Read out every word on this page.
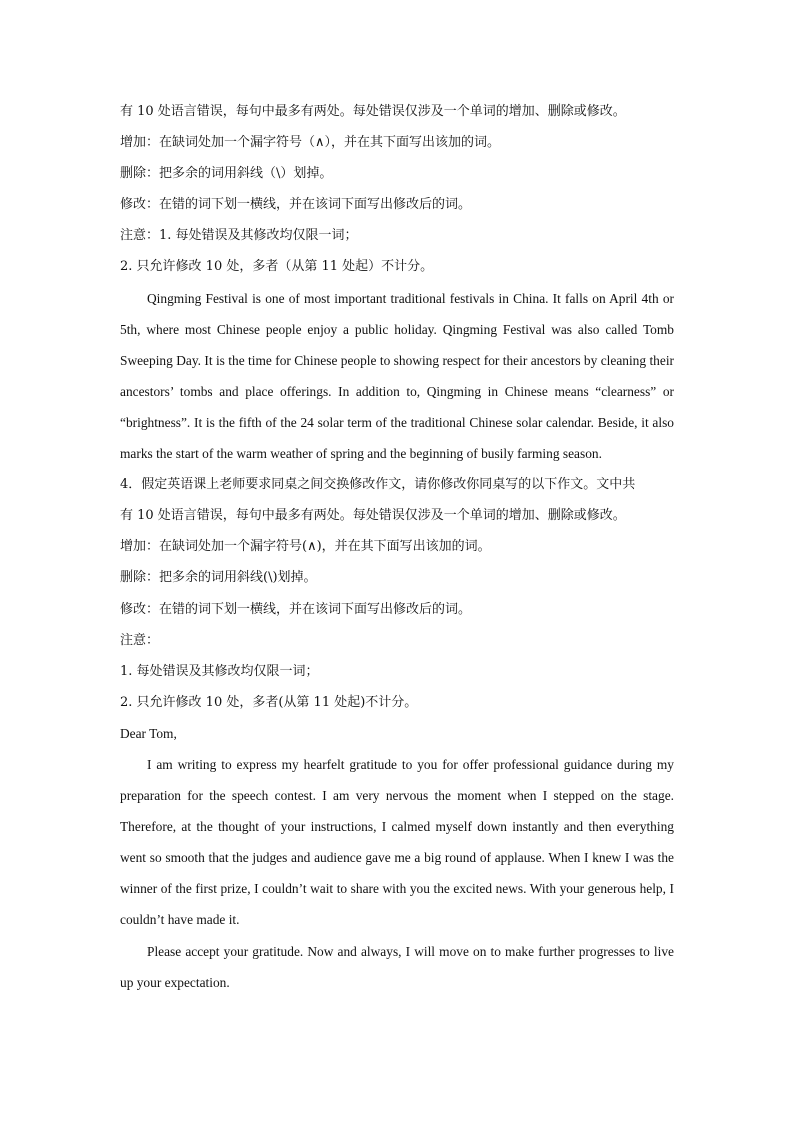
有 10 处语言错误，每句中最多有两处。每处错误仅涉及一个单词的增加、删除或修改。
增加：在缺词处加一个漏字符号（∧），并在其下面写出该加的词。
删除：把多余的词用斜线（\）划掉。
修改：在错的词下划一横线，并在该词下面写出修改后的词。
注意：1. 每处错误及其修改均仅限一词；
2. 只允许修改 10 处，多者（从第 11 处起）不计分。
Qingming Festival is one of most important traditional festivals in China. It falls on April 4th or 5th, where most Chinese people enjoy a public holiday. Qingming Festival was also called Tomb Sweeping Day. It is the time for Chinese people to showing respect for their ancestors by cleaning their ancestors’ tombs and place offerings. In addition to, Qingming in Chinese means “clearness” or “brightness”. It is the fifth of the 24 solar term of the traditional Chinese solar calendar. Beside, it also marks the start of the warm weather of spring and the beginning of busily farming season.
4．假定英语课上老师要求同桌之间交换修改作文，请你修改你同桌写的以下作文。文中共
有 10 处语言错误，每句中最多有两处。每处错误仅涉及一个单词的增加、删除或修改。
增加：在缺词处加一个漏字符号(∧)，并在其下面写出该加的词。
删除：把多余的词用斜线(\)划掉。
修改：在错的词下划一横线，并在该词下面写出修改后的词。
注意：
1. 每处错误及其修改均仅限一词；
2. 只允许修改 10 处，多者(从第 11 处起)不计分。
Dear Tom,
I am writing to express my hearfelt gratitude to you for offer professional guidance during my preparation for the speech contest. I am very nervous the moment when I stepped on the stage. Therefore, at the thought of your instructions, I calmed myself down instantly and then everything went so smooth that the judges and audience gave me a big round of applause. When I knew I was the winner of the first prize, I couldn’t wait to share with you the excited news. With your generous help, I couldn’t have made it.
Please accept your gratitude. Now and always, I will move on to make further progresses to live up your expectation.
